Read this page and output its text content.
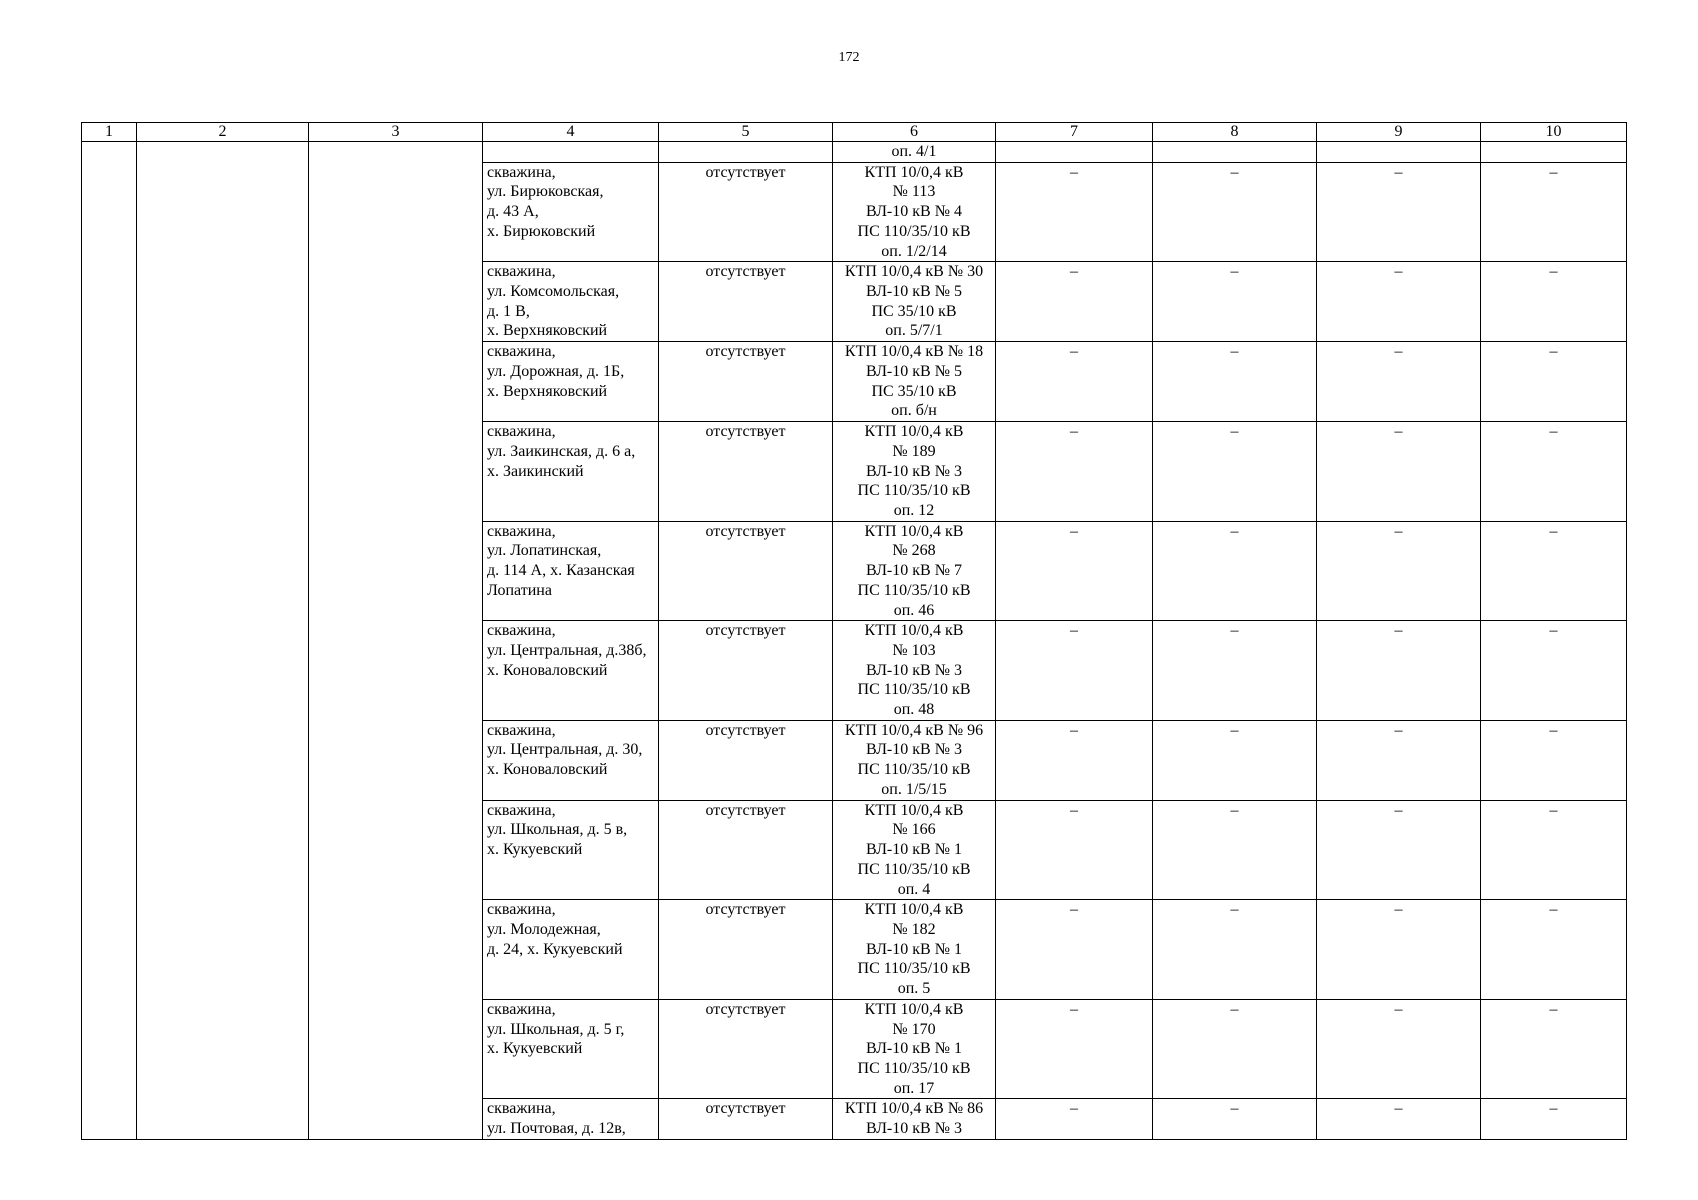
172
1	2	3	4	5	6	7	8	9	10
					оп. 4/1				

			скважина,
ул. Бирюковская,
д. 43 А,
х. Бирюковский	отсутствует	КТП 10/0,4 кВ
№ 113
ВЛ-10 кВ № 4
ПС 110/35/10 кВ
оп. 1/2/14	–	–	–	–

			скважина,
ул. Комсомольская,
д. 1 В,
х. Верхняковский	отсутствует	КТП 10/0,4 кВ № 30
ВЛ-10 кВ № 5
ПС 35/10 кВ
оп. 5/7/1	–	–	–	–

			скважина,
ул. Дорожная, д. 1Б,
х. Верхняковский	отсутствует	КТП 10/0,4 кВ № 18
ВЛ-10 кВ № 5
ПС 35/10 кВ
оп. б/н	–	–	–	–

			скважина,
ул. Заикинская, д. 6 а,
х. Заикинский	отсутствует	КТП 10/0,4 кВ
№ 189
ВЛ-10 кВ № 3
ПС 110/35/10 кВ
оп. 12	–	–	–	–

			скважина,
ул. Лопатинская,
д. 114 А, х. Казанская
Лопатина	отсутствует	КТП 10/0,4 кВ
№ 268
ВЛ-10 кВ № 7
ПС 110/35/10 кВ
оп. 46	–	–	–	–

			скважина,
ул. Центральная, д.38б,
х. Коноваловский	отсутствует	КТП 10/0,4 кВ
№ 103
ВЛ-10 кВ № 3
ПС 110/35/10 кВ
оп. 48	–	–	–	–

			скважина,
ул. Центральная, д. 30,
х. Коноваловский	отсутствует	КТП 10/0,4 кВ № 96
ВЛ-10 кВ № 3
ПС 110/35/10 кВ
оп. 1/5/15	–	–	–	–

			скважина,
ул. Школьная, д. 5 в,
х. Кукуевский	отсутствует	КТП 10/0,4 кВ
№ 166
ВЛ-10 кВ № 1
ПС 110/35/10 кВ
оп. 4	–	–	–	–

			скважина,
ул. Молодежная,
д. 24, х. Кукуевский	отсутствует	КТП 10/0,4 кВ
№ 182
ВЛ-10 кВ № 1
ПС 110/35/10 кВ
оп. 5	–	–	–	–

			скважина,
ул. Школьная, д. 5 г,
х. Кукуевский	отсутствует	КТП 10/0,4 кВ
№ 170
ВЛ-10 кВ № 1
ПС 110/35/10 кВ
оп. 17	–	–	–	–

			скважина,
ул. Почтовая, д. 12в,	отсутствует	КТП 10/0,4 кВ № 86
ВЛ-10 кВ № 3	–	–	–	–
